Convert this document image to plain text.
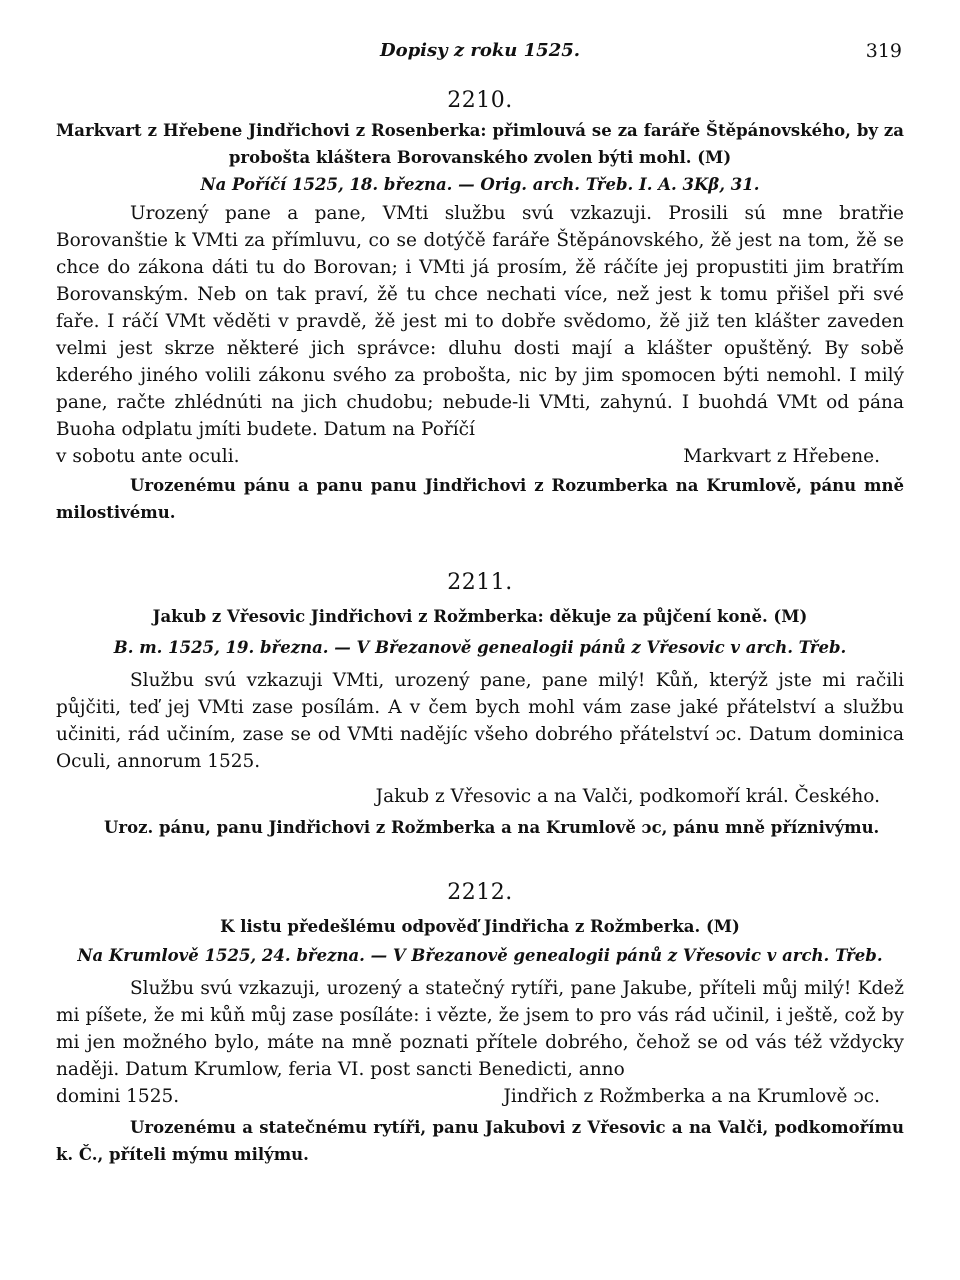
Dopisy z roku 1525.	319

2210.

Markvart z Hřebene Jindřichovi z Rosenberka: přimlouvá se za faráře Štěpánovského, by za probošta kláštera Borovanského zvolen býti mohl. (M)

Na Poříčí 1525, 18. března. — Orig. arch. Třeb. I. A. 3Kβ, 31.

Urozený pane a pane, VMti službu svú vzkazuji. Prosili sú mne bratřie Borovanštie k VMti za přímluvu, co se dotýčě faráře Štěpánovského, žě jest na tom, žě se chce do zákona dáti tu do Borovan; i VMti já prosím, žě ráčíte jej propustiti jim bratřím Borovanským. Neb on tak praví, žě tu chce nechati více, než jest k tomu přišel při své faře. I ráčí VMt věděti v pravdě, žě jest mi to dobře svědomo, žě již ten klášter zaveden velmi jest skrze některé jich správce: dluhu dosti mají a klášter opuštěný. By sobě kderého jiného volili zákonu svého za probošta, nic by jim spomocen býti nemohl. I milý pane, račte zhlédnúti na jich chudobu; nebude-li VMti, zahynú. I buohdá VMt od pána Buoha odplatu jmíti budete. Datum na Poříčí

v sobotu ante oculi.	Markvart z Hřebene.

Urozenému pánu a panu panu Jindřichovi z Rozumberka na Krumlově, pánu mně milostivému.

2211.

Jakub z Vřesovic Jindřichovi z Rožmberka: děkuje za půjčení koně. (M)

B. m. 1525, 19. března. — V Březanově genealogii pánů z Vřesovic v arch. Třeb.

Službu svú vzkazuji VMti, urozený pane, pane milý! Kůň, kterýž jste mi račili půjčiti, teď jej VMti zase posílám. A v čem bych mohl vám zase jaké přátelství a službu učiniti, rád učiním, zase se od VMti nadějíc všeho dobrého přátelství ɔc. Datum dominica Oculi, annorum 1525.

Jakub z Vřesovic a na Valči, podkomoří král. Českého.

Uroz. pánu, panu Jindřichovi z Rožmberka a na Krumlově ɔc, pánu mně příznivýmu.

2212.

K listu předešlému odpověď Jindřicha z Rožmberka. (M)

Na Krumlově 1525, 24. března. — V Březanově genealogii pánů z Vřesovic v arch. Třeb.

Službu svú vzkazuji, urozený a statečný rytíři, pane Jakube, příteli můj milý! Kdež mi píšete, že mi kůň můj zase posíláte: i vězte, že jsem to pro vás rád učinil, i ještě, což by mi jen možného bylo, máte na mně poznati přítele dobrého, čehož se od vás též vždycky naději. Datum Krumlow, feria VI. post sancti Benedicti, anno

domini 1525.	Jindřich z Rožmberka a na Krumlově ɔc.

Urozenému a statečnému rytíři, panu Jakubovi z Vřesovic a na Valči, podkomořímu k. Č., příteli mýmu milýmu.
